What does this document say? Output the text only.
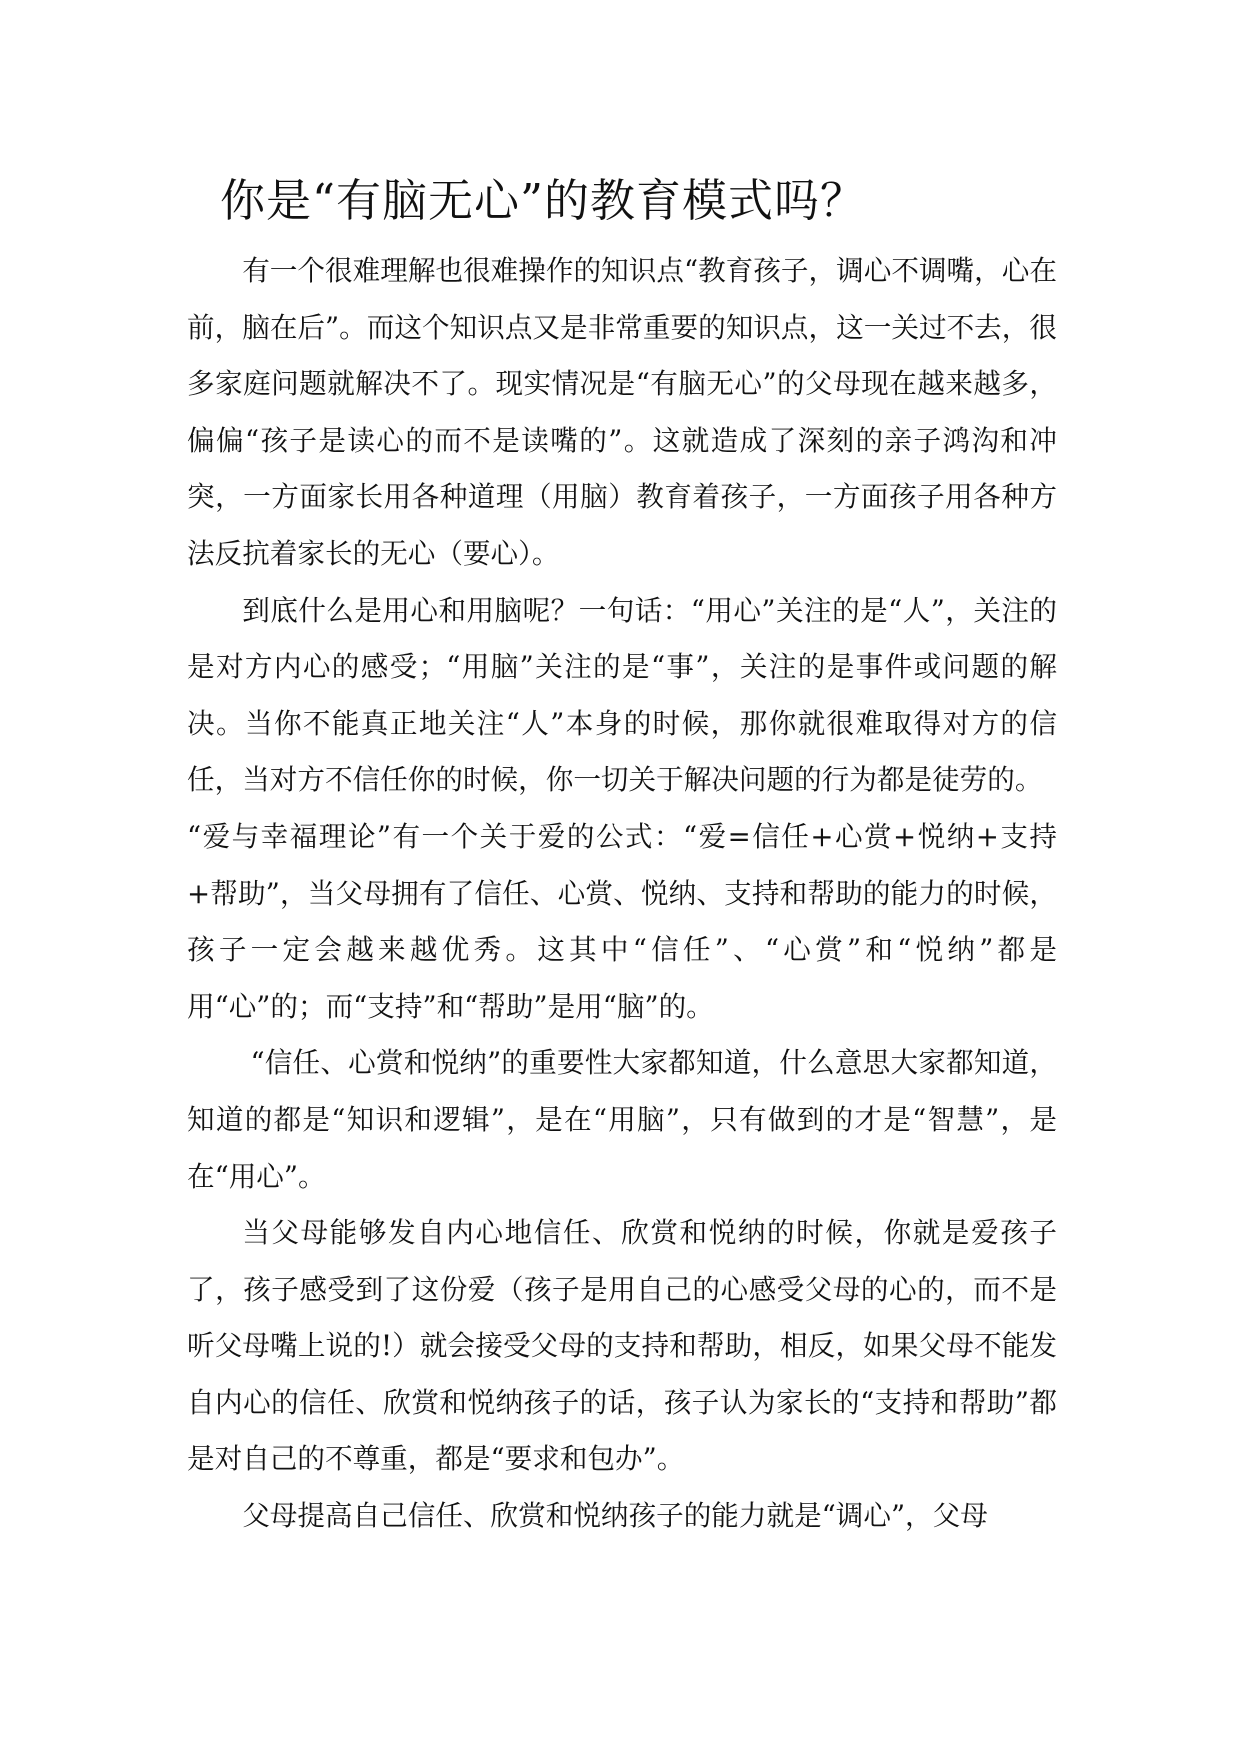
你是“有脑无心”的教育模式吗？

有一个很难理解也很难操作的知识点“教育孩子，调心不调嘴，心在前，脑在后”。而这个知识点又是非常重要的知识点，这一关过不去，很多家庭问题就解决不了。现实情况是“有脑无心”的父母现在越来越多，偏偏“孩子是读心的而不是读嘴的”。这就造成了深刻的亲子鸿沟和冲突，一方面家长用各种道理（用脑）教育着孩子，一方面孩子用各种方法反抗着家长的无心（要心）。

到底什么是用心和用脑呢？一句话：“用心”关注的是“人”，关注的是对方内心的感受；“用脑”关注的是“事”，关注的是事件或问题的解决。当你不能真正地关注“人”本身的时候，那你就很难取得对方的信任，当对方不信任你的时候，你一切关于解决问题的行为都是徒劳的。

“爱与幸福理论”有一个关于爱的公式：“爱=信任+心赏+悦纳+支持+帮助”，当父母拥有了信任、心赏、悦纳、支持和帮助的能力的时候，孩子一定会越来越优秀。这其中“信任”、“心赏”和“悦纳”都是用“心”的；而“支持”和“帮助”是用“脑”的。

“信任、心赏和悦纳”的重要性大家都知道，什么意思大家都知道，知道的都是“知识和逻辑”，是在“用脑”，只有做到的才是“智慧”，是在“用心”。

当父母能够发自内心地信任、欣赏和悦纳的时候，你就是爱孩子了，孩子感受到了这份爱（孩子是用自己的心感受父母的心的，而不是听父母嘴上说的!）就会接受父母的支持和帮助，相反，如果父母不能发自内心的信任、欣赏和悦纳孩子的话，孩子认为家长的“支持和帮助”都是对自己的不尊重，都是“要求和包办”。

父母提高自己信任、欣赏和悦纳孩子的能力就是“调心”，父母
